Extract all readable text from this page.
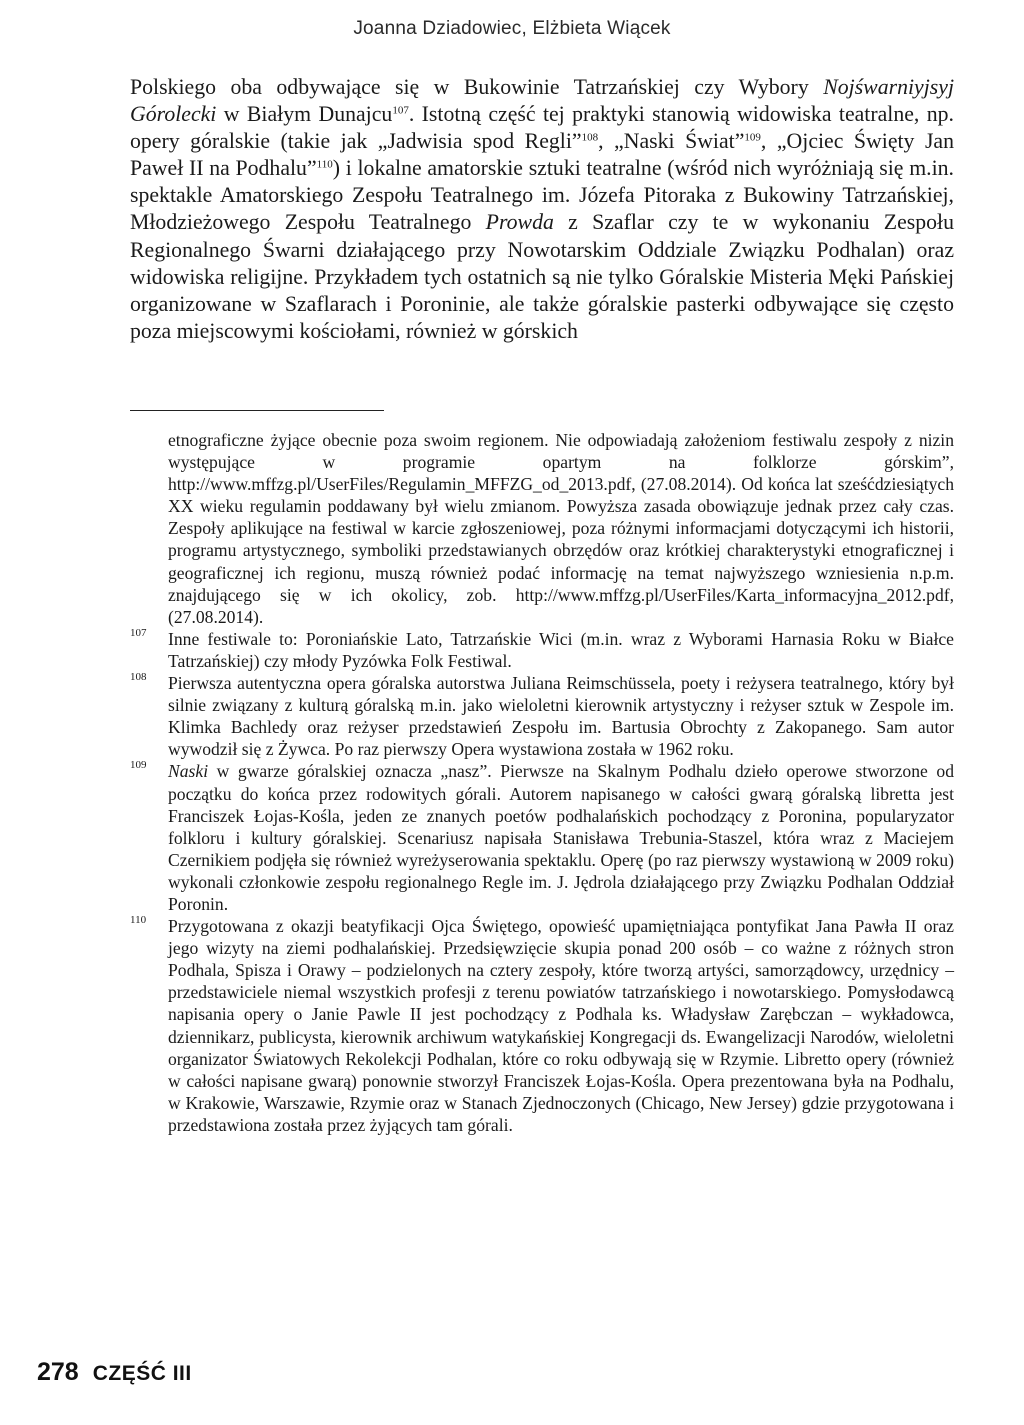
Joanna Dziadowiec, Elżbieta Wiącek

Polskiego oba odbywające się w Bukowinie Tatrzańskiej czy Wybory Nojśwarniyjsyj Górolecki w Białym Dunajcu$^{107}$. Istotną część tej praktyki stanowią widowiska teatralne, np. opery góralskie (takie jak „Jadwisia spod Regli”$^{108}$, „Naski Świat”$^{109}$, „Ojciec Święty Jan Paweł II na Podhalu”$^{110}$) i lokalne amatorskie sztuki teatralne (wśród nich wyróżniają się m.in. spektakle Amatorskiego Zespołu Teatralnego im. Józefa Pitoraka z Bukowiny Tatrzańskiej, Młodzieżowego Zespołu Teatralnego Prowda z Szaflar czy te w wykonaniu Zespołu Regionalnego Śwarni działającego przy Nowotarskim Oddziale Związku Podhalan) oraz widowiska religijne. Przykładem tych ostatnich są nie tylko Góralskie Misteria Męki Pańskiej organizowane w Szaflarach i Poroninie, ale także góralskie pasterki odbywające się często poza miejscowymi kościołami, również w górskich

etnograficzne żyjące obecnie poza swoim regionem. Nie odpowiadają założeniom festiwalu zespoły z nizin występujące w programie opartym na folklorze górskim”, http://www.mffzg.pl/UserFiles/Regulamin_MFFZG_od_2013.pdf, (27.08.2014). Od końca lat sześćdziesiątych XX wieku regulamin poddawany był wielu zmianom. Powyższa zasada obowiązuje jednak przez cały czas. Zespoły aplikujące na festiwal w karcie zgłoszeniowej, poza różnymi informacjami dotyczącymi ich historii, programu artystycznego, symboliki przedstawianych obrzędów oraz krótkiej charakterystyki etnograficznej i geograficznej ich regionu, muszą również podać informację na temat najwyższego wzniesienia n.p.m. znajdującego się w ich okolicy, zob. http://www.mffzg.pl/UserFiles/Karta_informacyjna_2012.pdf, (27.08.2014).
107 Inne festiwale to: Poroniańskie Lato, Tatrzańskie Wici (m.in. wraz z Wyborami Harnasia Roku w Białce Tatrzańskiej) czy młody Pyzówka Folk Festiwal.
108 Pierwsza autentyczna opera góralska autorstwa Juliana Reimschüssela, poety i reżysera teatralnego, który był silnie związany z kulturą góralską m.in. jako wieloletni kierownik artystyczny i reżyser sztuk w Zespole im. Klimka Bachledy oraz reżyser przedstawień Zespołu im. Bartusia Obrochty z Zakopanego. Sam autor wywodził się z Żywca. Po raz pierwszy Opera wystawiona została w 1962 roku.
109 Naski w gwarze góralskiej oznacza „nasz”. Pierwsze na Skalnym Podhalu dzieło operowe stworzone od początku do końca przez rodowitych górali. Autorem napisanego w całości gwarą góralską libretta jest Franciszek Łojas-Kośla, jeden ze znanych poetów podhalańskich pochodzący z Poronina, popularyzator folkloru i kultury góralskiej. Scenariusz napisała Stanisława Trebunia-Staszel, która wraz z Maciejem Czernikiem podjęła się również wyreżyserowania spektaklu. Operę (po raz pierwszy wystawioną w 2009 roku) wykonali członkowie zespołu regionalnego Regle im. J. Jędrola działającego przy Związku Podhalan Oddział Poronin.
110 Przygotowana z okazji beatyfikacji Ojca Świętego, opowieść upamiętniająca pontyfikat Jana Pawła II oraz jego wizyty na ziemi podhalańskiej. Przedsięwzięcie skupia ponad 200 osób – co ważne z różnych stron Podhala, Spisza i Orawy – podzielonych na cztery zespoły, które tworzą artyści, samorządowcy, urzędnicy – przedstawiciele niemal wszystkich profesji z terenu powiatów tatrzańskiego i nowotarskiego. Pomysłodawcą napisania opery o Janie Pawle II jest pochodzący z Podhala ks. Władysław Zarębczan – wykładowca, dziennikarz, publicysta, kierownik archiwum watykańskiej Kongregacji ds. Ewangelizacji Narodów, wieloletni organizator Światowych Rekolekcji Podhalan, które co roku odbywają się w Rzymie. Libretto opery (również w całości napisane gwarą) ponownie stworzył Franciszek Łojas-Kośla. Opera prezentowana była na Podhalu, w Krakowie, Warszawie, Rzymie oraz w Stanach Zjednoczonych (Chicago, New Jersey) gdzie przygotowana i przedstawiona została przez żyjących tam górali.
278 CZĘŚĆ III
